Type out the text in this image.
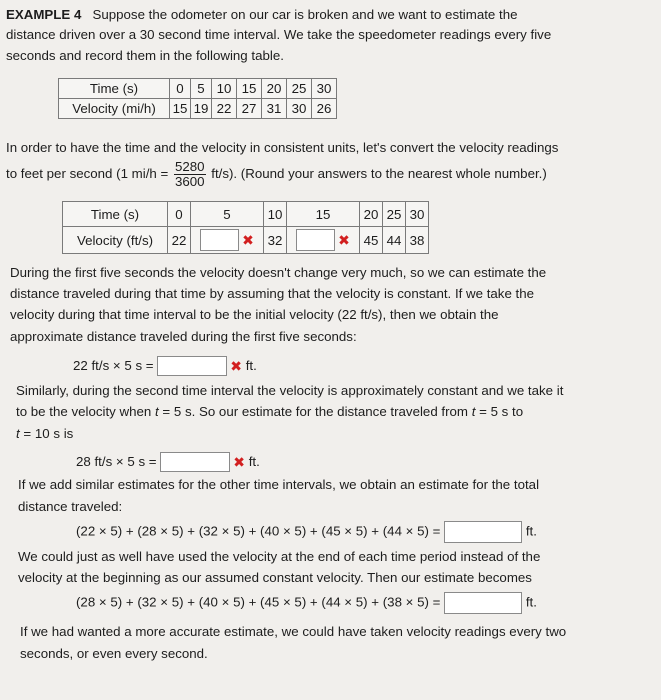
EXAMPLE 4 Suppose the odometer on our car is broken and we want to estimate the
distance driven over a 30 second time interval. We take the speedometer readings every five
seconds and record them in the following table.
Time (s)	0	5	10	15	20	25	30
Velocity (mi/h)	15	19	22	27	31	30	26
In order to have the time and the velocity in consistent units, let's convert the velocity readings
to feet per second (1 $mi/h = \frac{5280}{3600} ft/s$). (Round your answers to the nearest whole number.)
Time (s)	0	5	10	15	20	25	30
Velocity (ft/s)	22	✖	32	✖	45	44	38
During the first five seconds the velocity doesn't change very much, so we can estimate the
distance traveled during that time by assuming that the velocity is constant. If we take the
velocity during that time interval to be the initial velocity (22 ft/s), then we obtain the
approximate distance traveled during the first five seconds:
22 ft/s × 5 s =	✖ ft.
Similarly, during the second time interval the velocity is approximately constant and we take it
to be the velocity when t = 5 s. So our estimate for the distance traveled from t = 5 s to
t = 10 s is
28 ft/s × 5 s =	✖ ft.
If we add similar estimates for the other time intervals, we obtain an estimate for the total
distance traveled:
(22 × 5) + (28 × 5) + (32 × 5) + (40 × 5) + (45 × 5) + (44 × 5) =	ft.
We could just as well have used the velocity at the end of each time period instead of the
velocity at the beginning as our assumed constant velocity. Then our estimate becomes
(28 × 5) + (32 × 5) + (40 × 5) + (45 × 5) + (44 × 5) + (38 × 5) =	ft.
If we had wanted a more accurate estimate, we could have taken velocity readings every two
seconds, or even every second.
